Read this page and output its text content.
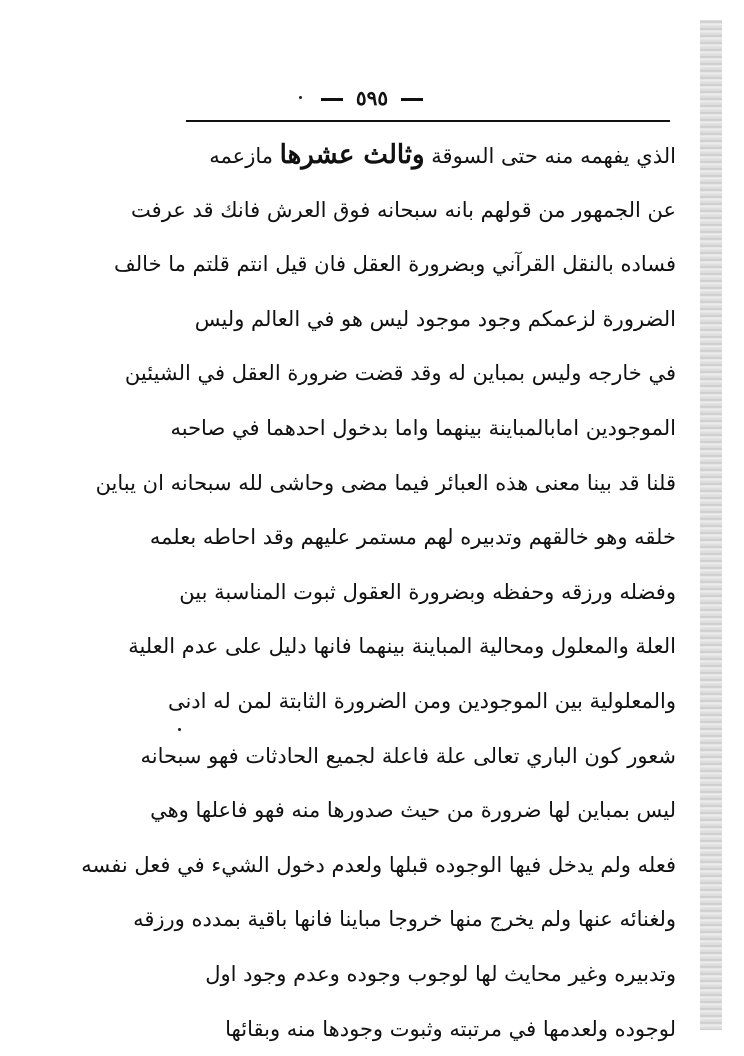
٥٩٥
الذي يفهمه منه حتى السوقة وثالث عشرها مازعمه
عن الجمهور من قولهم بانه سبحانه فوق العرش فانك قد عرفت
فساده بالنقل القرآني وبضرورة العقل فان قيل انتم قلتم ما خالف
الضرورة لزعمكم وجود موجود ليس هو في العالم وليس
في خارجه وليس بمباين له وقد قضت ضرورة العقل في الشيئين
الموجودين امابالمباينة بينهما واما بدخول احدهما في صاحبه
قلنا قد بينا معنى هذه العبائر فيما مضى وحاشى لله سبحانه ان يباين
خلقه وهو خالقهم وتدبيره لهم مستمر عليهم وقد احاطه بعلمه
وفضله ورزقه وحفظه وبضرورة العقول ثبوت المناسبة بين
العلة والمعلول ومحالية المباينة بينهما فانها دليل على عدم العلية
والمعلولية بين الموجودين ومن الضرورة الثابتة لمن له ادنى
شعور كون الباري تعالى علة فاعلة لجميع الحادثات فهو سبحانه
ليس بمباين لها ضرورة من حيث صدورها منه فهو فاعلها وهي
فعله ولم يدخل فيها الوجوده قبلها ولعدم دخول الشيء في فعل نفسه
ولغنائه عنها ولم يخرج منها خروجا مباينا فانها باقية بمدده ورزقه
وتدبيره وغير محايث لها لوجوب وجوده وعدم وجود اول
لوجوده ولعدمها في مرتبته وثبوت وجودها منه وبقائها
